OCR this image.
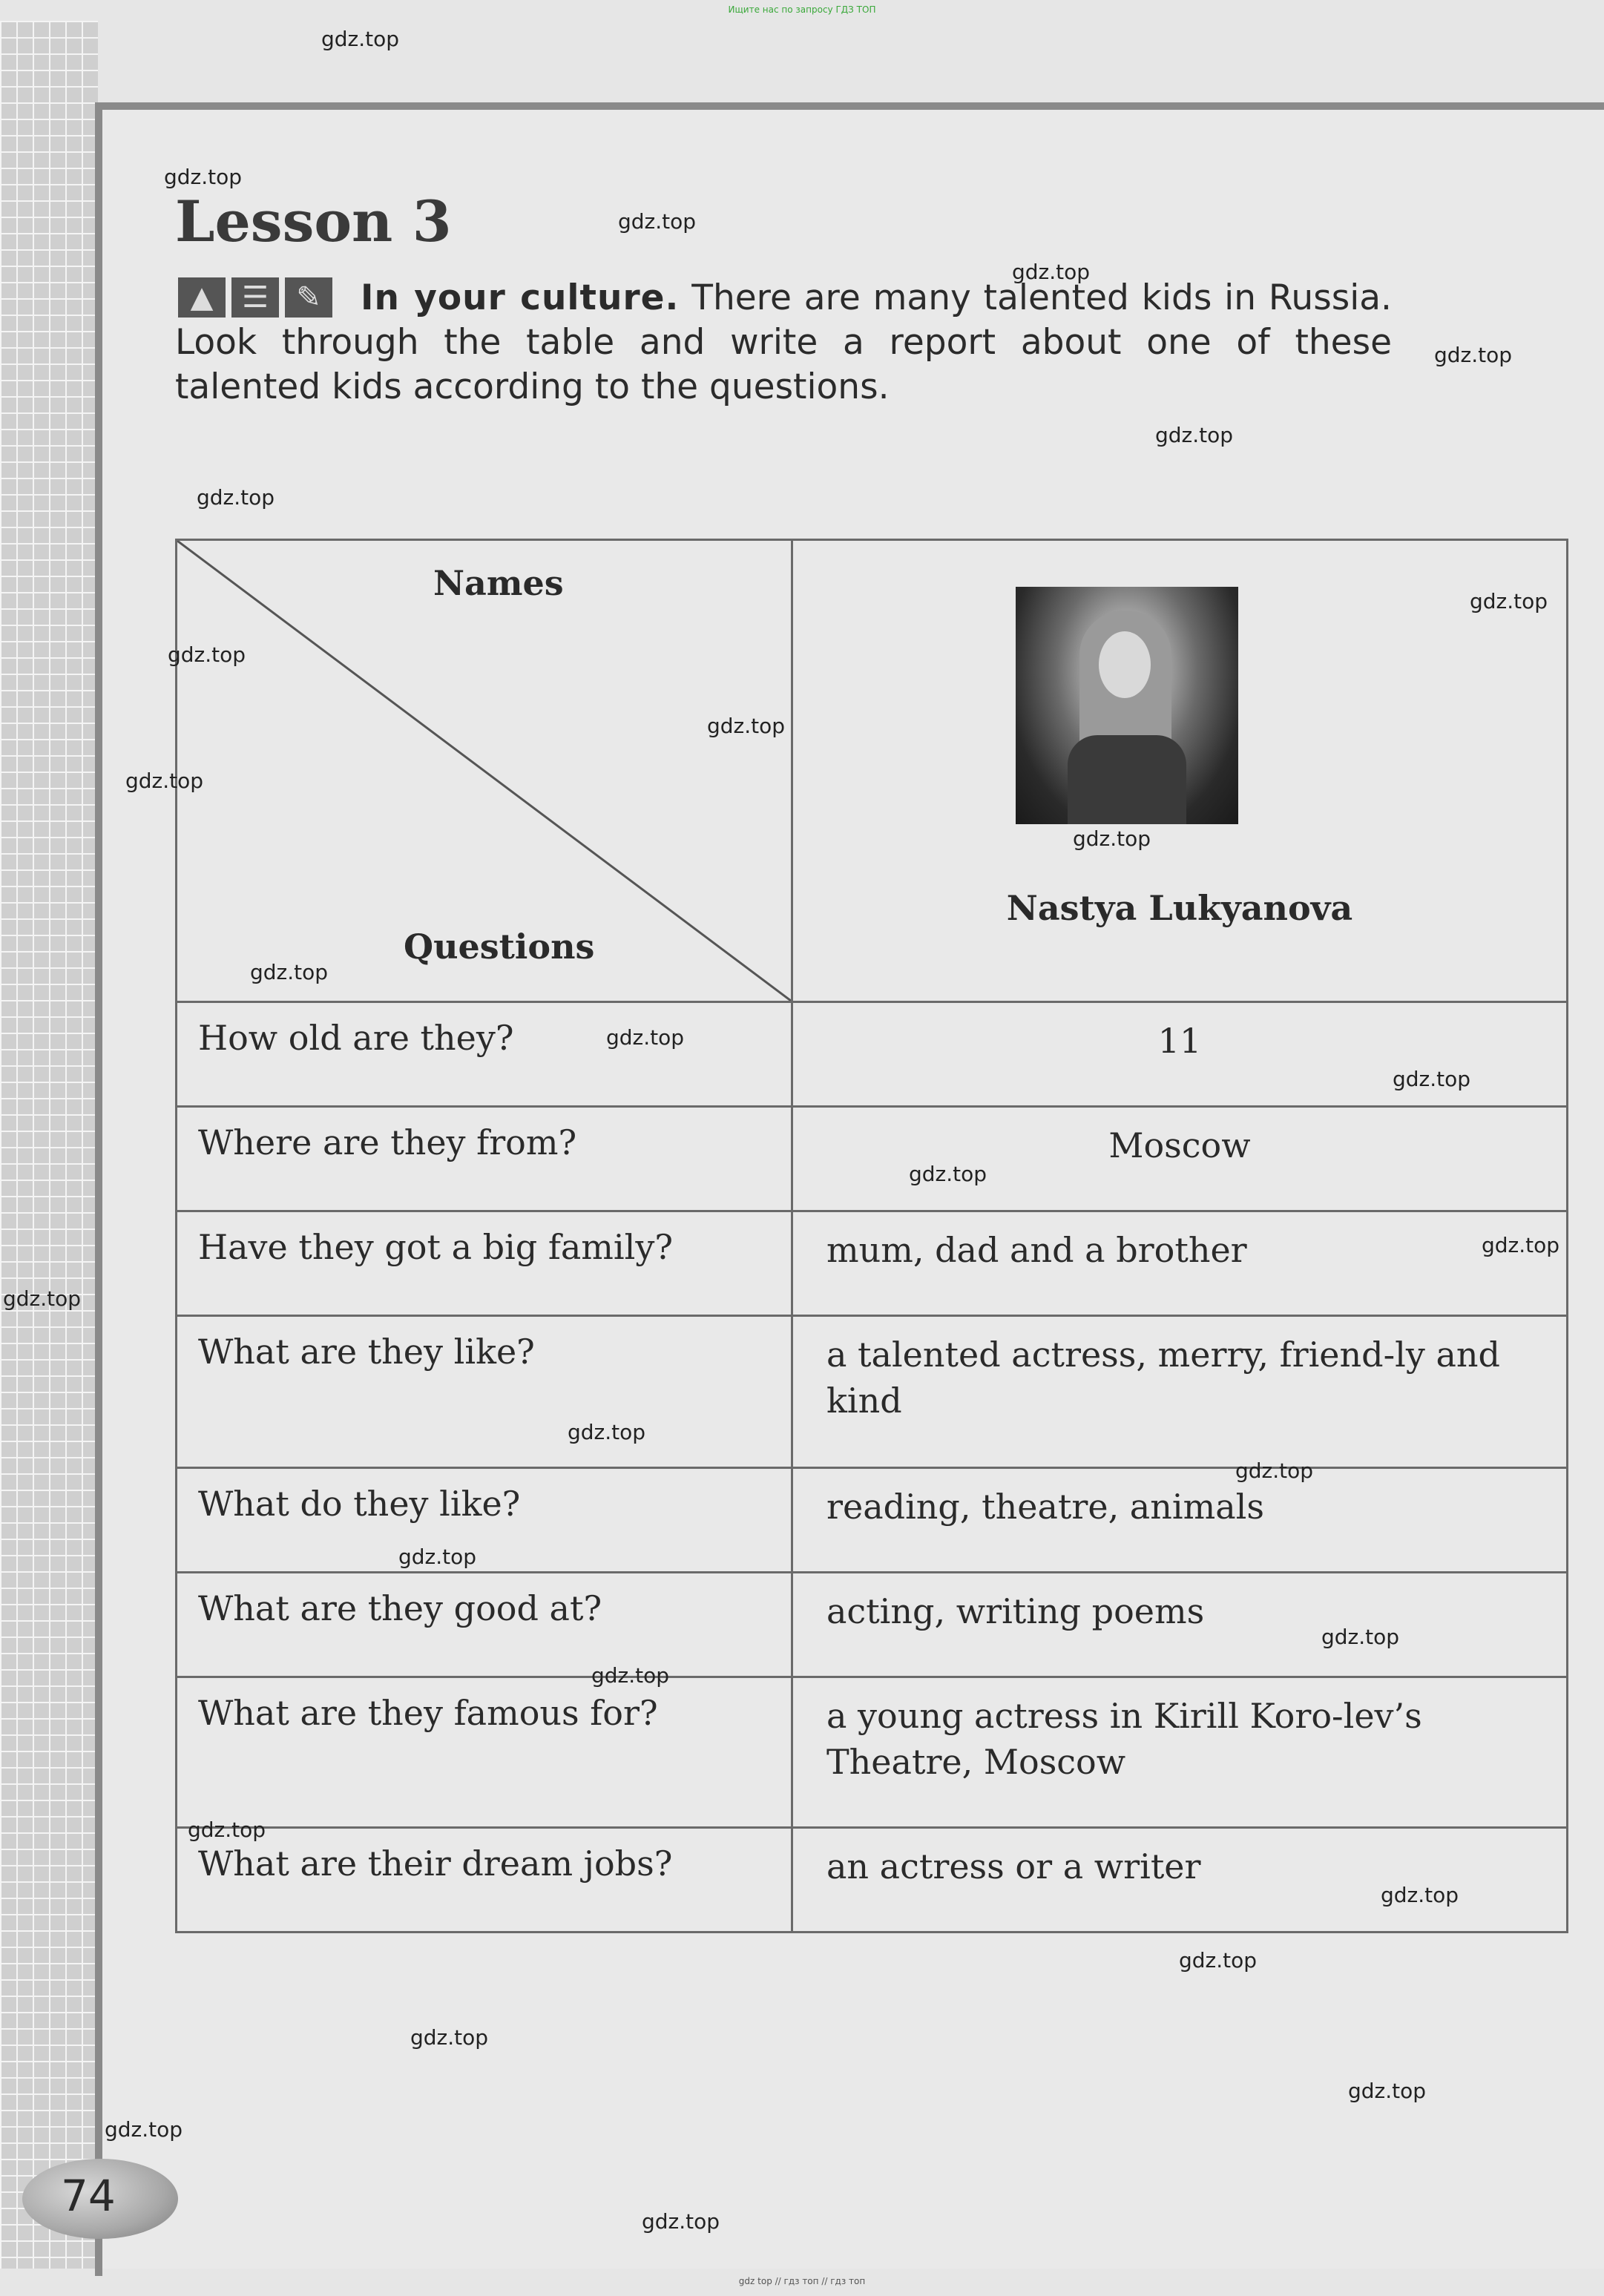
Ищите нас по запросу ГДЗ ТОП
Lesson 3
▲ ☰ ✎	In your culture. There are many talented kids in Russia. Look through the table and write a report about one of these talented kids according to the questions.
Names
Questions	Nastya Lukyanova

How old are they?	11
Where are they from?	Moscow
Have they got a big family?	mum, dad and a brother
What are they like?	a talented actress, merry, friend-ly and kind
What do they like?	reading, theatre, animals
What are they good at?	acting, writing poems
What are they famous for?	a young actress in Kirill Koro-lev’s Theatre, Moscow
What are their dream jobs?	an actress or a writer
74
gdz.top
gdz.top
gdz.top
gdz.top
gdz.top
gdz.top
gdz.top
gdz.top
gdz.top
gdz.top
gdz.top
gdz.top
gdz.top
gdz.top
gdz.top
gdz.top
gdz.top
gdz.top
gdz.top
gdz.top
gdz.top
gdz.top
gdz.top
gdz.top
gdz.top
gdz.top
gdz.top
gdz.top
gdz.top
gdz.top
gdz top // гдз топ // гдз топ
